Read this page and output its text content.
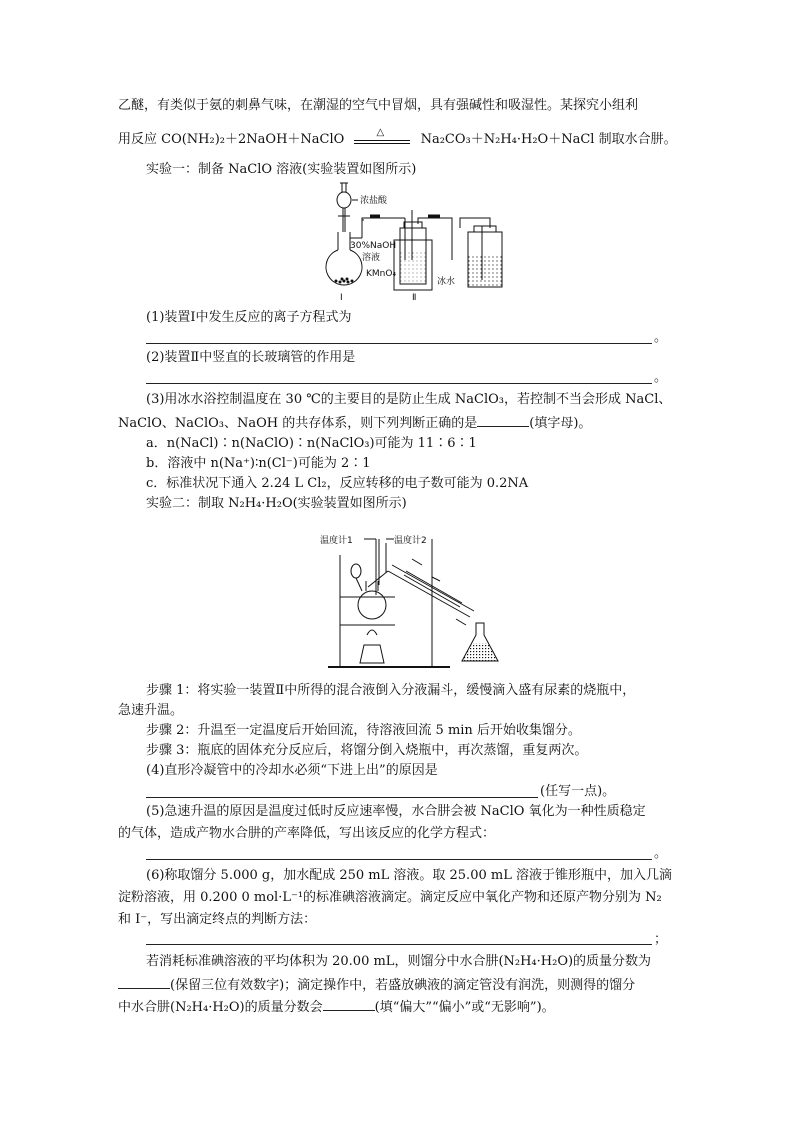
乙醚，有类似于氨的刺鼻气味，在潮湿的空气中冒烟，具有强碱性和吸湿性。某探究小组利
用反应 CO(NH₂)₂＋2NaOH＋NaClO	△	Na₂CO₃＋N₂H₄·H₂O＋NaCl 制取水合肼。
实验一：制备 NaClO 溶液(实验装置如图所示)
浓盐酸
Ⅰ	Ⅱ
30%NaOH
溶液
KMnO₄
冰水
(1)装置Ⅰ中发生反应的离子方程式为
。
(2)装置Ⅱ中竖直的长玻璃管的作用是
。
(3)用冰水浴控制温度在 30 ℃的主要目的是防止生成 NaClO₃，若控制不当会形成 NaCl、
NaClO、NaClO₃、NaOH 的共存体系，则下列判断正确的是	(填字母)。
a．n(NaCl)∶n(NaClO)∶n(NaClO₃)可能为 11∶6∶1
b．溶液中 n(Na⁺)∶n(Cl⁻)可能为 2∶1
c．标准状况下通入 2.24 L Cl₂，反应转移的电子数可能为 0.2NA
实验二：制取 N₂H₄·H₂O(实验装置如图所示)
温度计1	温度计2
步骤 1：将实验一装置Ⅱ中所得的混合液倒入分液漏斗，缓慢滴入盛有尿素的烧瓶中，
急速升温。
步骤 2：升温至一定温度后开始回流，待溶液回流 5 min 后开始收集馏分。
步骤 3：瓶底的固体充分反应后，将馏分倒入烧瓶中，再次蒸馏，重复两次。
(4)直形冷凝管中的冷却水必须“下进上出”的原因是
(任写一点)。
(5)急速升温的原因是温度过低时反应速率慢，水合肼会被 NaClO 氧化为一种性质稳定
的气体，造成产物水合肼的产率降低，写出该反应的化学方程式：
。
(6)称取馏分 5.000 g，加水配成 250 mL 溶液。取 25.00 mL 溶液于锥形瓶中，加入几滴
淀粉溶液，用 0.200 0 mol·L⁻¹的标准碘溶液滴定。滴定反应中氧化产物和还原产物分别为 N₂
和 I⁻，写出滴定终点的判断方法：
；
若消耗标准碘溶液的平均体积为 20.00 mL，则馏分中水合肼(N₂H₄·H₂O)的质量分数为
(保留三位有效数字)；滴定操作中，若盛放碘液的滴定管没有润洗，则测得的馏分
中水合肼(N₂H₄·H₂O)的质量分数会	(填“偏大”“偏小”或“无影响”)。
